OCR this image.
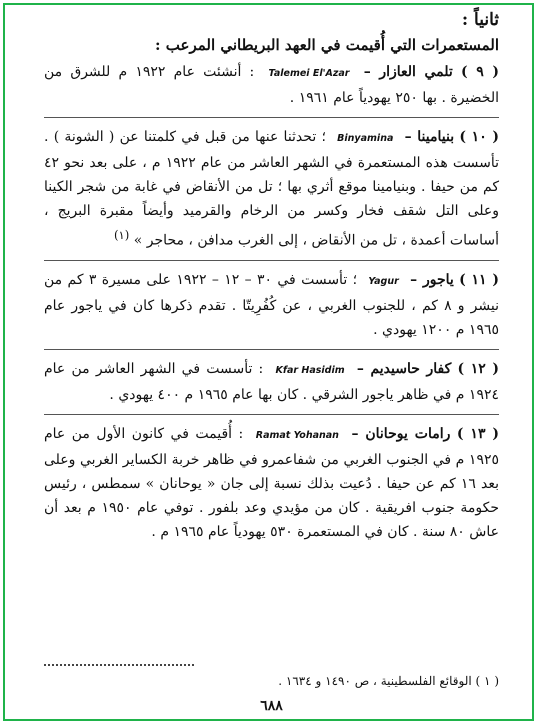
ثانياً :

المستعمرات التي أُقيمت في العهد البريطاني المرعب :

( ٩ ) تلمي العازار – Talemei El'Azar : أنشئت عام ١٩٢٢ م للشرق من الخضيرة . بها ٢٥٠ يهودياً عام ١٩٦١ .

( ١٠ ) بنيامينا – Binyamina ؛ تحدثنا عنها من قبل في كلمتنا عن ( الشونة ) . تأسست هذه المستعمرة في الشهر العاشر من عام ١٩٢٢ م ، على بعد نحو ٤٢ كم من حيفا . وبنيامينا موقع أثري بها ؛ تل من الأنقاض في غابة من شجر الكينا وعلى التل شقف فخار وكسر من الرخام والقرميد وأيضاً مقبرة البريج ، أساسات أعمدة ، تل من الأنقاض ، إلى الغرب مدافن ، محاجر » $^{(١)}$

( ١١ ) ياجور – Yagur ؛ تأسست في ٣٠ – ١٢ – ١٩٢٢ على مسيرة ٣ كم من نيشر و ٨ كم ، للجنوب الغربي ، عن كُفُرِيتّا . تقدم ذكرها كان في ياجور عام ١٩٦٥ م ١٢٠٠ يهودي .

( ١٢ ) كفار حاسيديم – Kfar Hasidim : تأسست في الشهر العاشر من عام ١٩٢٤ م في ظاهر ياجور الشرقي . كان بها عام ١٩٦٥ م ٤٠٠ يهودي .

( ١٣ ) رامات يوحانان – Ramat Yohanan : أُقيمت في كانون الأول من عام ١٩٢٥ م في الجنوب الغربي من شفاعمرو في ظاهر خربة الكساير الغربي وعلى بعد ١٦ كم عن حيفا . دُعيت بذلك نسبة إلى جان « يوحانان » سمطس ، رئيس حكومة جنوب افريقية . كان من مؤيدي وعد بلفور . توفي عام ١٩٥٠ م بعد أن عاش ٨٠ سنة . كان في المستعمرة ٥٣٠ يهودياً عام ١٩٦٥ م .

( ١ ) الوقائع الفلسطينية ، ص ١٤٩٠ و ١٦٣٤ .

٦٨٨
